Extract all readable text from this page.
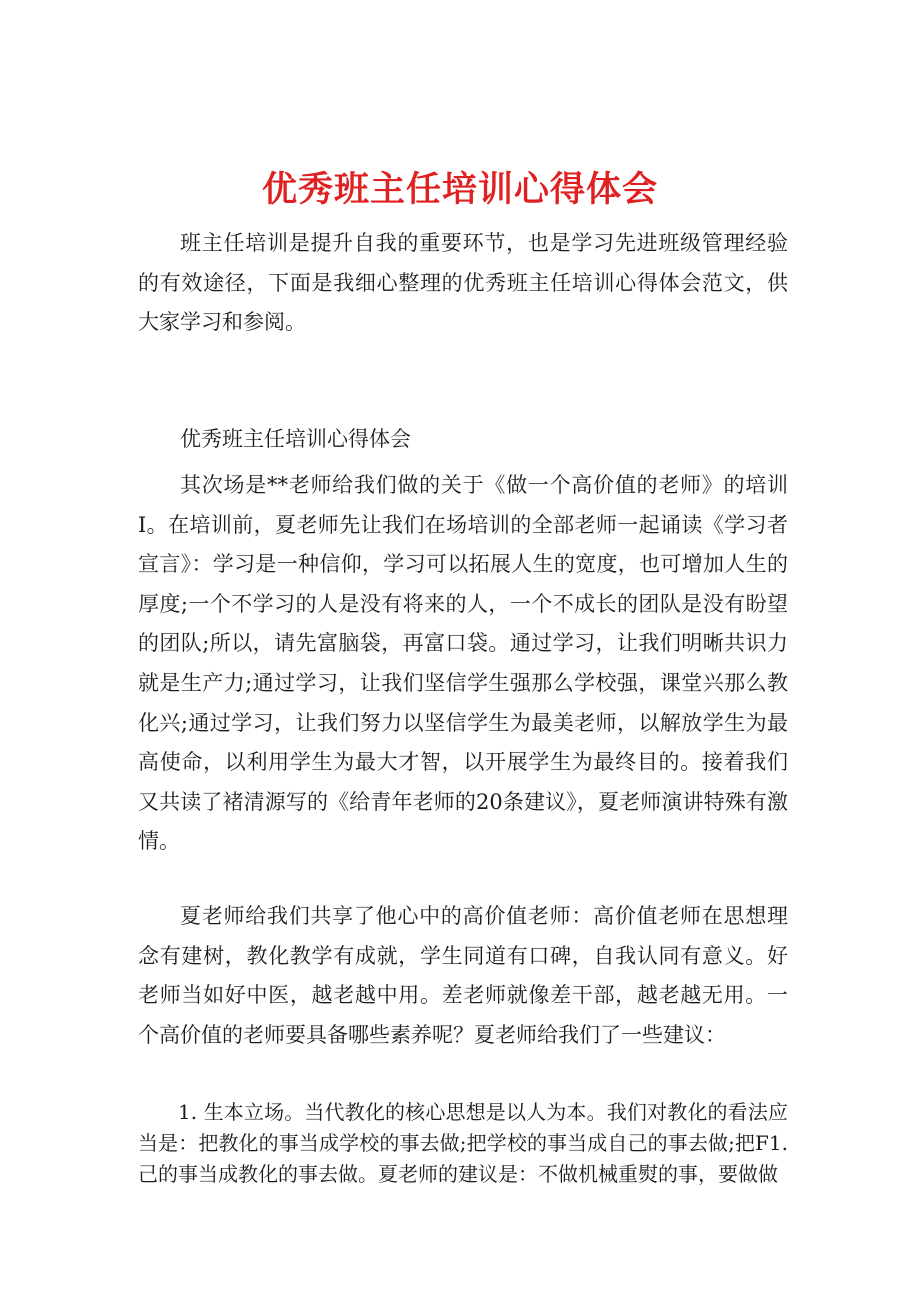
优秀班主任培训心得体会

班主任培训是提升自我的重要环节，也是学习先进班级管理经验的有效途径，下面是我细心整理的优秀班主任培训心得体会范文，供大家学习和参阅。

优秀班主任培训心得体会

其次场是**老师给我们做的关于《做一个高价值的老师》的培训I。在培训前，夏老师先让我们在场培训的全部老师一起诵读《学习者宣言》：学习是一种信仰，学习可以拓展人生的宽度，也可增加人生的厚度;一个不学习的人是没有将来的人，一个不成长的团队是没有盼望的团队;所以，请先富脑袋，再富口袋。通过学习，让我们明晰共识力就是生产力;通过学习，让我们坚信学生强那么学校强，课堂兴那么教化兴;通过学习，让我们努力以坚信学生为最美老师，以解放学生为最高使命，以利用学生为最大才智，以开展学生为最终目的。接着我们又共读了褚清源写的《给青年老师的20条建议》，夏老师演讲特殊有激情。

夏老师给我们共享了他心中的高价值老师：高价值老师在思想理念有建树，教化教学有成就，学生同道有口碑，自我认同有意义。好老师当如好中医，越老越中用。差老师就像差干部，越老越无用。一个高价值的老师要具备哪些素养呢？夏老师给我们了一些建议：

1. 生本立场。当代教化的核心思想是以人为本。我们对教化的看法应当是：把教化的事当成学校的事去做;把学校的事当成自己的事去做;把F1.己的事当成教化的事去做。夏老师的建议是：不做机械重熨的事，要做做
